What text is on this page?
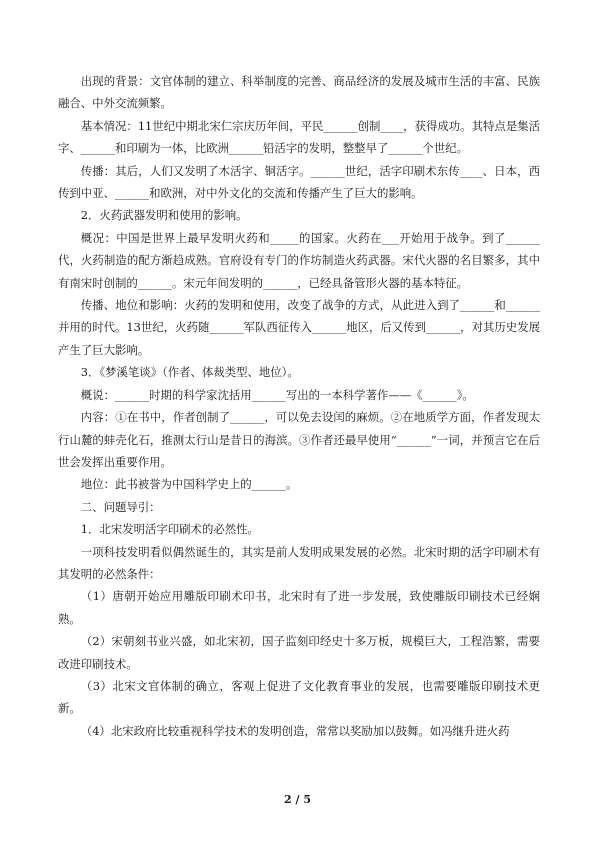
出现的背景：文官体制的建立、科举制度的完善、商品经济的发展及城市生活的丰富、民族融合、中外交流频繁。

基本情况：11世纪中期北宋仁宗庆历年间，平民______创制____，获得成功。其特点是集活字、______和印刷为一体，比欧洲______铅活字的发明，整整早了______个世纪。

传播：其后，人们又发明了木活字、铜活字。______世纪，活字印刷术东传____、日本，西传到中亚、______和欧洲，对中外文化的交流和传播产生了巨大的影响。

2．火药武器发明和使用的影响。

概况：中国是世界上最早发明火药和_____的国家。火药在___开始用于战争。到了______代，火药制造的配方渐趋成熟。官府设有专门的作坊制造火药武器。宋代火器的名目繁多，其中有南宋时创制的______。宋元年间发明的______，已经具备管形火器的基本特征。

传播、地位和影响：火药的发明和使用，改变了战争的方式，从此进入到了______和______并用的时代。13世纪，火药随______军队西征传入______地区，后又传到______，对其历史发展产生了巨大影响。

3．《梦溪笔谈》（作者、体裁类型、地位）。

概说：______时期的科学家沈括用______写出的一本科学著作——《______》。

内容：①在书中，作者创制了______，可以免去设闰的麻烦。②在地质学方面，作者发现太行山麓的蚌壳化石，推测太行山是昔日的海滨。③作者还最早使用“______”一词，并预言它在后世会发挥出重要作用。

地位：此书被誉为中国科学史上的______。

二、问题导引：

1．北宋发明活字印刷术的必然性。

一项科技发明看似偶然诞生的，其实是前人发明成果发展的必然。北宋时期的活字印刷术有其发明的必然条件：

（1）唐朝开始应用雕版印刷术印书，北宋时有了进一步发展，致使雕版印刷技术已经娴熟。

（2）宋朝刻书业兴盛，如北宋初，国子监刻印经史十多万板，规模巨大，工程浩繁，需要改进印刷技术。

（3）北宋文官体制的确立，客观上促进了文化教育事业的发展，也需要雕版印刷技术更新。

（4）北宋政府比较重视科学技术的发明创造，常常以奖励加以鼓舞。如冯继升进火药

2 / 5
